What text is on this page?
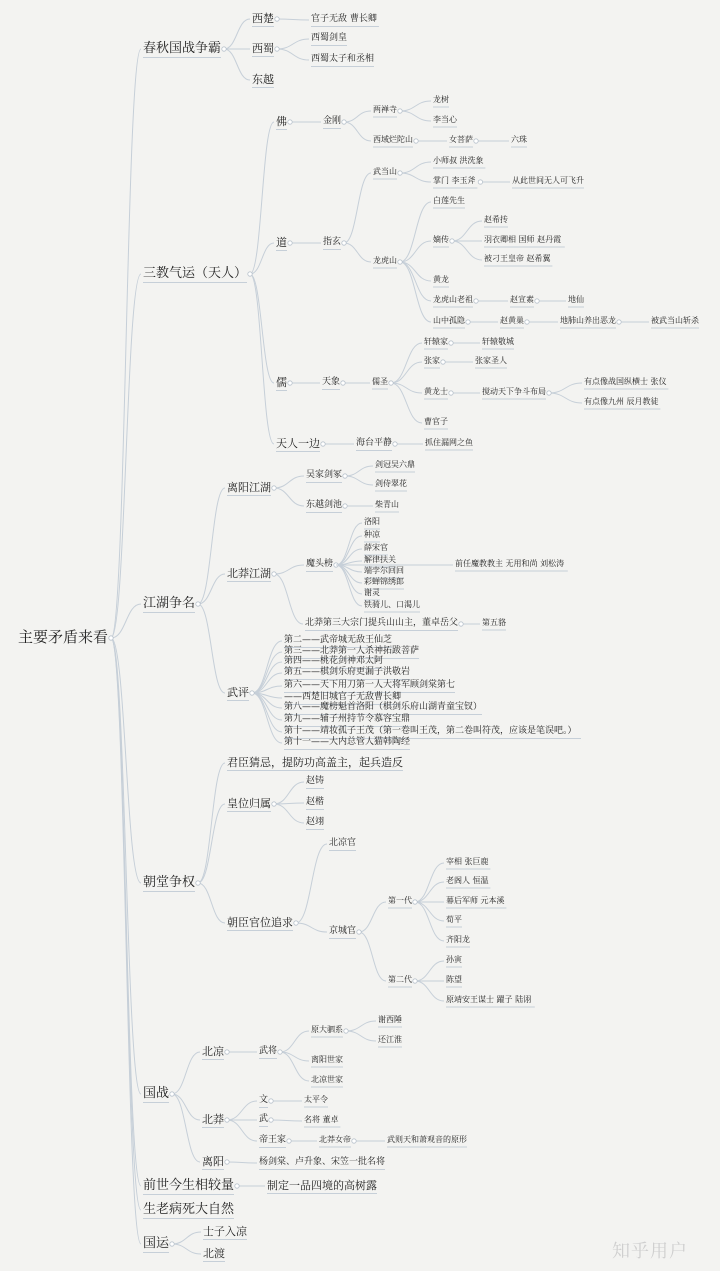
主要矛盾来看
春秋国战争霸
西楚	官子无敌 曹长卿
西蜀
西蜀剑皇
西蜀太子和丞相
东越
三教气运（天人）
佛	金刚
两禅寺
龙树
李当心
西域烂陀山	女菩萨	六珠
道	指玄
武当山
小师叔 洪洗象
掌门 李玉斧	从此世间无人可飞升
龙虎山
白莲先生
嫡传
赵希抟
羽衣卿相 国师 赵丹霞
被刁王皇帝 赵希翼
黄龙
龙虎山老祖	赵宣素	地仙
山中孤隐	赵黄巢	地肺山养出恶龙	被武当山斩杀
儒	天象	儒圣
轩辕家	轩辕敬城
张家	张家圣人
黄龙士	搅动天下争斗布局
有点像战国纵横士 张仪
有点像九州 辰月教徒
曹官子
天人一边	海台平静	抓住漏网之鱼
江湖争名
离阳江湖
吴家剑冢
剑冠吴六鼎
剑侍翠花
东越剑池	柴青山
北莽江湖
魔头榜
洛阳
种凉
薛宋官
解律扶关
端孛尔回回
彩蝉锦绣郎
谢灵
铁骑儿、口渴儿
前任魔教教主 无用和尚 刘松涛
北莽第三大宗门提兵山山主，董卓岳父	第五貉
武评
第二——武帝城无敌王仙芝
第三——北莽第一人杀神拓跋菩萨
第四——桃花剑神邓太阿
第五——棋剑乐府更漏子洪敬岩
第六——天下用刀第一人大将军顾剑棠第七
——西楚旧城官子无敌曹长卿
第八——魔榜魁首洛阳（棋剑乐府山湖青童宝钗）
第九——辅子州持节令慕容宝鼎
第十——靖妆孤子王茂（第一卷叫王茂，第二卷叫符茂，应该是笔误吧。）
第十一——大内总管人猫韩陶经
朝堂争权
君臣猜忌，提防功高盖主，起兵造反
皇位归属
赵铸
赵楷
赵翊
朝臣官位追求
北凉官
京城官
第一代
宰相 张巨鹿
老阁人 恒温
幕后军师 元本溪
荀平
齐阳龙
第二代
孙寅
陈望
原靖安王谋士 躍子 陆诩
国战
北凉	武将
原大驷系
谢西陲
还江淮
离阳世家
北凉世家
北莽
文	太平令
武	名将 董卓
帝王家	北莽女帝	武则天和萧观音的原形
离阳	杨剑棠、卢升象、宋笠一批名将
前世今生相较量	制定一品四境的高树露
生老病死大自然
国运
士子入凉
北渡	知乎用户
